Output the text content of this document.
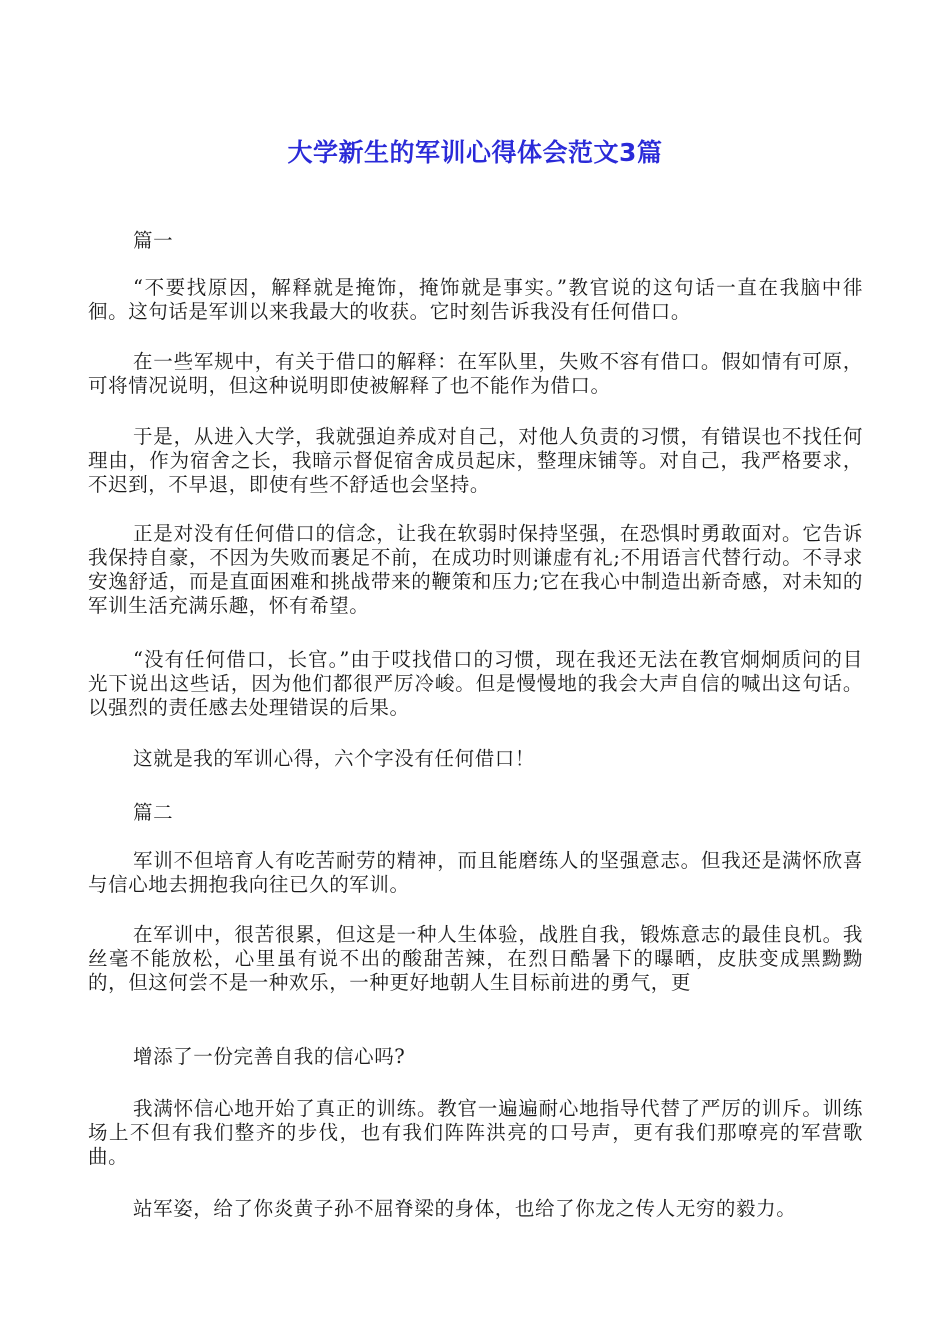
大学新生的军训心得体会范文3篇

篇一

“不要找原因，解释就是掩饰，掩饰就是事实。”教官说的这句话一直在我脑中徘徊。这句话是军训以来我最大的收获。它时刻告诉我没有任何借口。

在一些军规中，有关于借口的解释：在军队里，失败不容有借口。假如情有可原，可将情况说明，但这种说明即使被解释了也不能作为借口。

于是，从进入大学，我就强迫养成对自己，对他人负责的习惯，有错误也不找任何理由，作为宿舍之长，我暗示督促宿舍成员起床，整理床铺等。对自己，我严格要求，不迟到，不早退，即使有些不舒适也会坚持。

正是对没有任何借口的信念，让我在软弱时保持坚强，在恐惧时勇敢面对。它告诉我保持自豪，不因为失败而裹足不前，在成功时则谦虚有礼;不用语言代替行动。不寻求安逸舒适，而是直面困难和挑战带来的鞭策和压力;它在我心中制造出新奇感，对未知的军训生活充满乐趣，怀有希望。

“没有任何借口，长官。”由于哎找借口的习惯，现在我还无法在教官炯炯质问的目光下说出这些话，因为他们都很严厉冷峻。但是慢慢地的我会大声自信的喊出这句话。以强烈的责任感去处理错误的后果。

这就是我的军训心得，六个字没有任何借口！

篇二

军训不但培育人有吃苦耐劳的精神，而且能磨练人的坚强意志。但我还是满怀欣喜与信心地去拥抱我向往已久的军训。

在军训中，很苦很累，但这是一种人生体验，战胜自我，锻炼意志的最佳良机。我丝毫不能放松，心里虽有说不出的酸甜苦辣，在烈日酷暑下的曝晒，皮肤变成黑黝黝的，但这何尝不是一种欢乐，一种更好地朝人生目标前进的勇气，更

增添了一份完善自我的信心吗?

我满怀信心地开始了真正的训练。教官一遍遍耐心地指导代替了严厉的训斥。训练场上不但有我们整齐的步伐，也有我们阵阵洪亮的口号声，更有我们那嘹亮的军营歌曲。

站军姿，给了你炎黄子孙不屈脊梁的身体，也给了你龙之传人无穷的毅力。
